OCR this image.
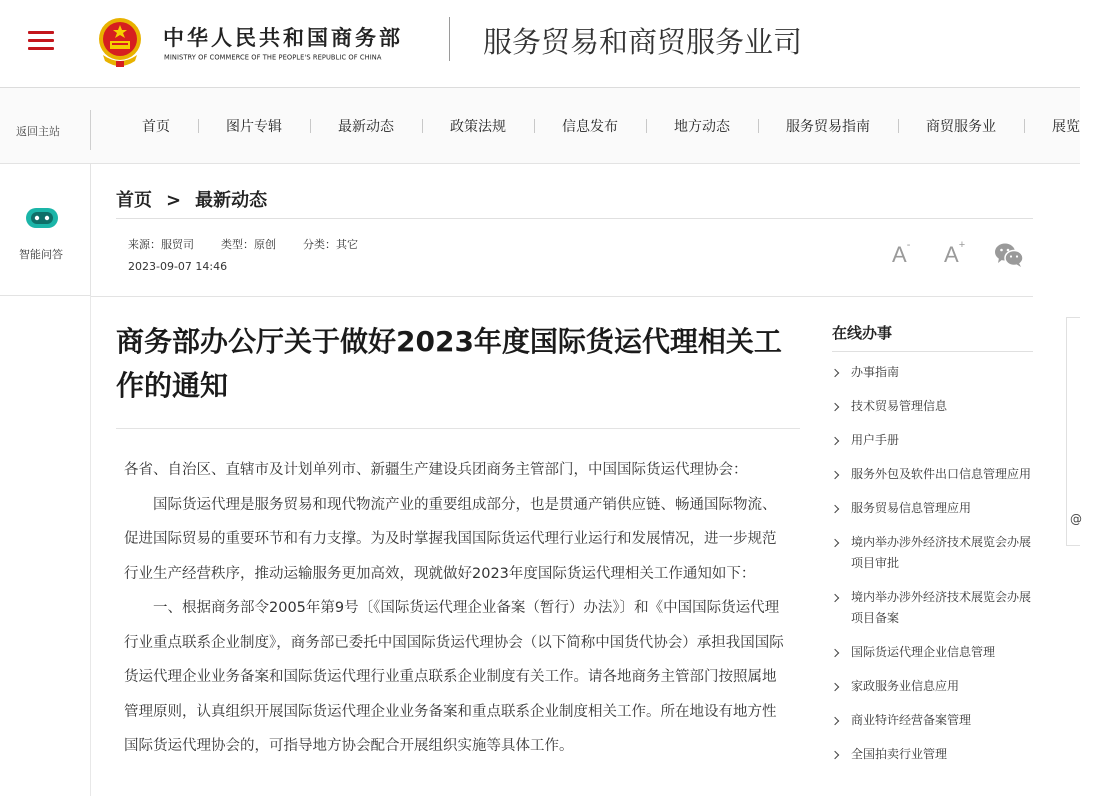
中华人民共和国商务部
MINISTRY OF COMMERCE OF THE PEOPLE'S REPUBLIC OF CHINA	服务贸易和商贸服务业司
返回主站	首页	图片专辑	最新动态	政策法规	信息发布	地方动态	服务贸易指南	商贸服务业	展览
智能问答
首页 > 最新动态
来源：服贸司 类型：原创 分类：其它
2023-09-07 14:46	A- A+
商务部办公厅关于做好2023年度国际货运代理相关工作的通知

各省、自治区、直辖市及计划单列市、新疆生产建设兵团商务主管部门，中国国际货运代理协会：

国际货运代理是服务贸易和现代物流产业的重要组成部分，也是贯通产销供应链、畅通国际物流、促进国际贸易的重要环节和有力支撑。为及时掌握我国国际货运代理行业运行和发展情况，进一步规范行业生产经营秩序，推动运输服务更加高效，现就做好2023年度国际货运代理相关工作通知如下：

一、根据商务部令2005年第9号〔《国际货运代理企业备案（暂行）办法》〕和《中国国际货运代理行业重点联系企业制度》，商务部已委托中国国际货运代理协会（以下简称中国货代协会）承担我国国际货运代理企业业务备案和国际货运代理行业重点联系企业制度有关工作。请各地商务主管部门按照属地管理原则，认真组织开展国际货运代理企业业务备案和重点联系企业制度相关工作。所在地设有地方性国际货运代理协会的，可指导地方协会配合开展组织实施等具体工作。

在线办事
办事指南
技术贸易管理信息
用户手册
服务外包及软件出口信息管理应用
服务贸易信息管理应用
境内举办涉外经济技术展览会办展项目审批
境内举办涉外经济技术展览会办展项目备案
国际货运代理企业信息管理
家政服务业信息应用
商业特许经营备案管理
全国拍卖行业管理
@
